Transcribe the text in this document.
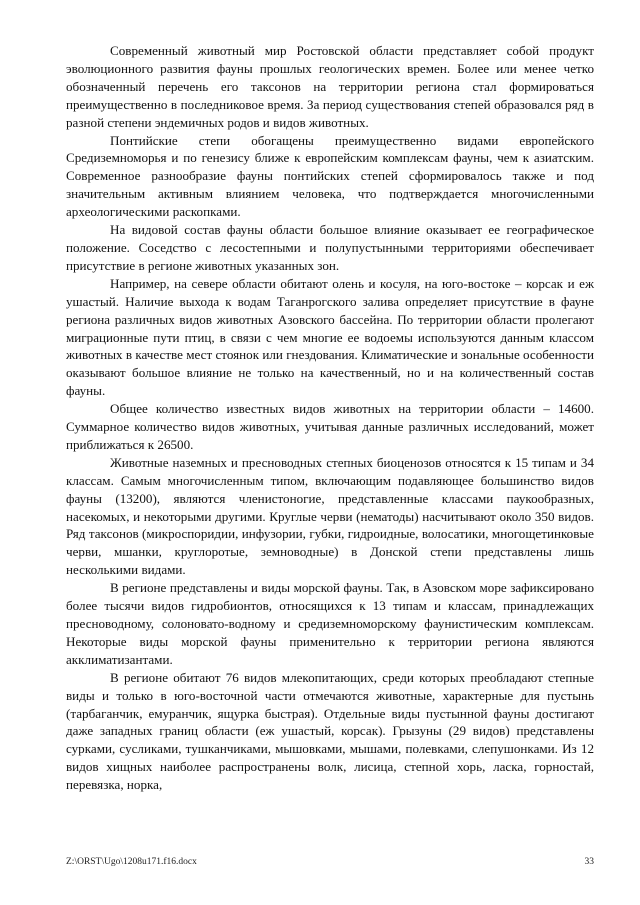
Современный животный мир Ростовской области представляет собой продукт эволюционного развития фауны прошлых геологических времен. Более или менее четко обозначенный перечень его таксонов на территории региона стал формироваться преимущественно в последниковое время. За период существования степей образовался ряд в разной степени эндемичных родов и видов животных.

Понтийские степи обогащены преимущественно видами европейского Средиземноморья и по генезису ближе к европейским комплексам фауны, чем к азиатским. Современное разнообразие фауны понтийских степей сформировалось также и под значительным активным влиянием человека, что подтверждается многочисленными археологическими раскопками.

На видовой состав фауны области большое влияние оказывает ее географическое положение. Соседство с лесостепными и полупустынными территориями обеспечивает присутствие в регионе животных указанных зон.

Например, на севере области обитают олень и косуля, на юго-востоке – корсак и еж ушастый. Наличие выхода к водам Таганрогского залива определяет присутствие в фауне региона различных видов животных Азовского бассейна. По территории области пролегают миграционные пути птиц, в связи с чем многие ее водоемы используются данным классом животных в качестве мест стоянок или гнездования. Климатические и зональные особенности оказывают большое влияние не только на качественный, но и на количественный состав фауны.

Общее количество известных видов животных на территории области – 14600. Суммарное количество видов животных, учитывая данные различных исследований, может приближаться к 26500.

Животные наземных и пресноводных степных биоценозов относятся к 15 типам и 34 классам. Самым многочисленным типом, включающим подавляющее большинство видов фауны (13200), являются членистоногие, представленные классами паукообразных, насекомых, и некоторыми другими. Круглые черви (нематоды) насчитывают около 350 видов. Ряд таксонов (микроспоридии, инфузории, губки, гидроидные, волосатики, многощетинковые черви, мшанки, круглоротые, земноводные) в Донской степи представлены лишь несколькими видами.

В регионе представлены и виды морской фауны. Так, в Азовском море зафиксировано более тысячи видов гидробионтов, относящихся к 13 типам и классам, принадлежащих пресноводному, солоновато-водному и средиземноморскому фаунистическим комплексам. Некоторые виды морской фауны применительно к территории региона являются акклиматизантами.

В регионе обитают 76 видов млекопитающих, среди которых преобладают степные виды и только в юго-восточной части отмечаются животные, характерные для пустынь (тарбаганчик, емуранчик, ящурка быстрая). Отдельные виды пустынной фауны достигают даже западных границ области (еж ушастый, корсак). Грызуны (29 видов) представлены сурками, сусликами, тушканчиками, мышовками, мышами, полевками, слепушонками. Из 12 видов хищных наиболее распространены волк, лисица, степной хорь, ласка, горностай, перевязка, норка,

Z:\ORST\Ugo\1208u171.f16.docx	33
